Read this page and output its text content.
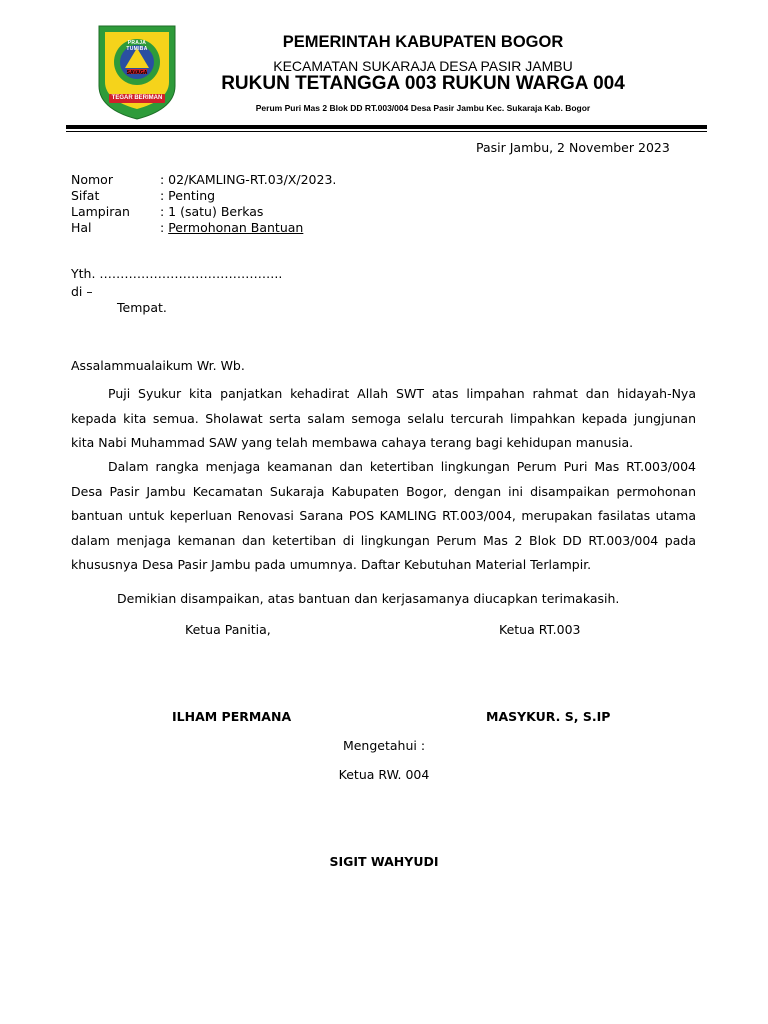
PRAJA TUMIBA
SAVAGA
TEGAR BERIMAN
PEMERINTAH KABUPATEN BOGOR
KECAMATAN SUKARAJA DESA PASIR JAMBU
RUKUN TETANGGA 003 RUKUN WARGA 004
Perum Puri Mas 2 Blok DD RT.003/004 Desa Pasir Jambu Kec. Sukaraja Kab. Bogor
Pasir Jambu, 2 November 2023
Nomor	: 02/KAMLING-RT.03/X/2023.
Sifat	: Penting
Lampiran : 1 (satu) Berkas
Hal	: Permohonan Bantuan
Yth. ……………………………………..
di –
Tempat.
Assalammualaikum Wr. Wb.
Puji Syukur kita panjatkan kehadirat Allah SWT atas limpahan rahmat dan hidayah-Nya kepada kita semua. Sholawat serta salam semoga selalu tercurah limpahkan kepada jungjunan kita Nabi Muhammad SAW yang telah membawa cahaya terang bagi kehidupan manusia.
Dalam rangka menjaga keamanan dan ketertiban lingkungan Perum Puri Mas RT.003/004 Desa Pasir Jambu Kecamatan Sukaraja Kabupaten Bogor, dengan ini disampaikan permohonan bantuan untuk keperluan Renovasi Sarana POS KAMLING RT.003/004, merupakan fasilatas utama dalam menjaga kemanan dan ketertiban di lingkungan Perum Mas 2 Blok DD RT.003/004 pada khususnya Desa Pasir Jambu pada umumnya. Daftar Kebutuhan Material Terlampir.
Demikian disampaikan, atas bantuan dan kerjasamanya diucapkan terimakasih.
Ketua Panitia,	Ketua RT.003
ILHAM PERMANA	MASYKUR. S, S.IP
Mengetahui :
Ketua RW. 004
SIGIT WAHYUDI
